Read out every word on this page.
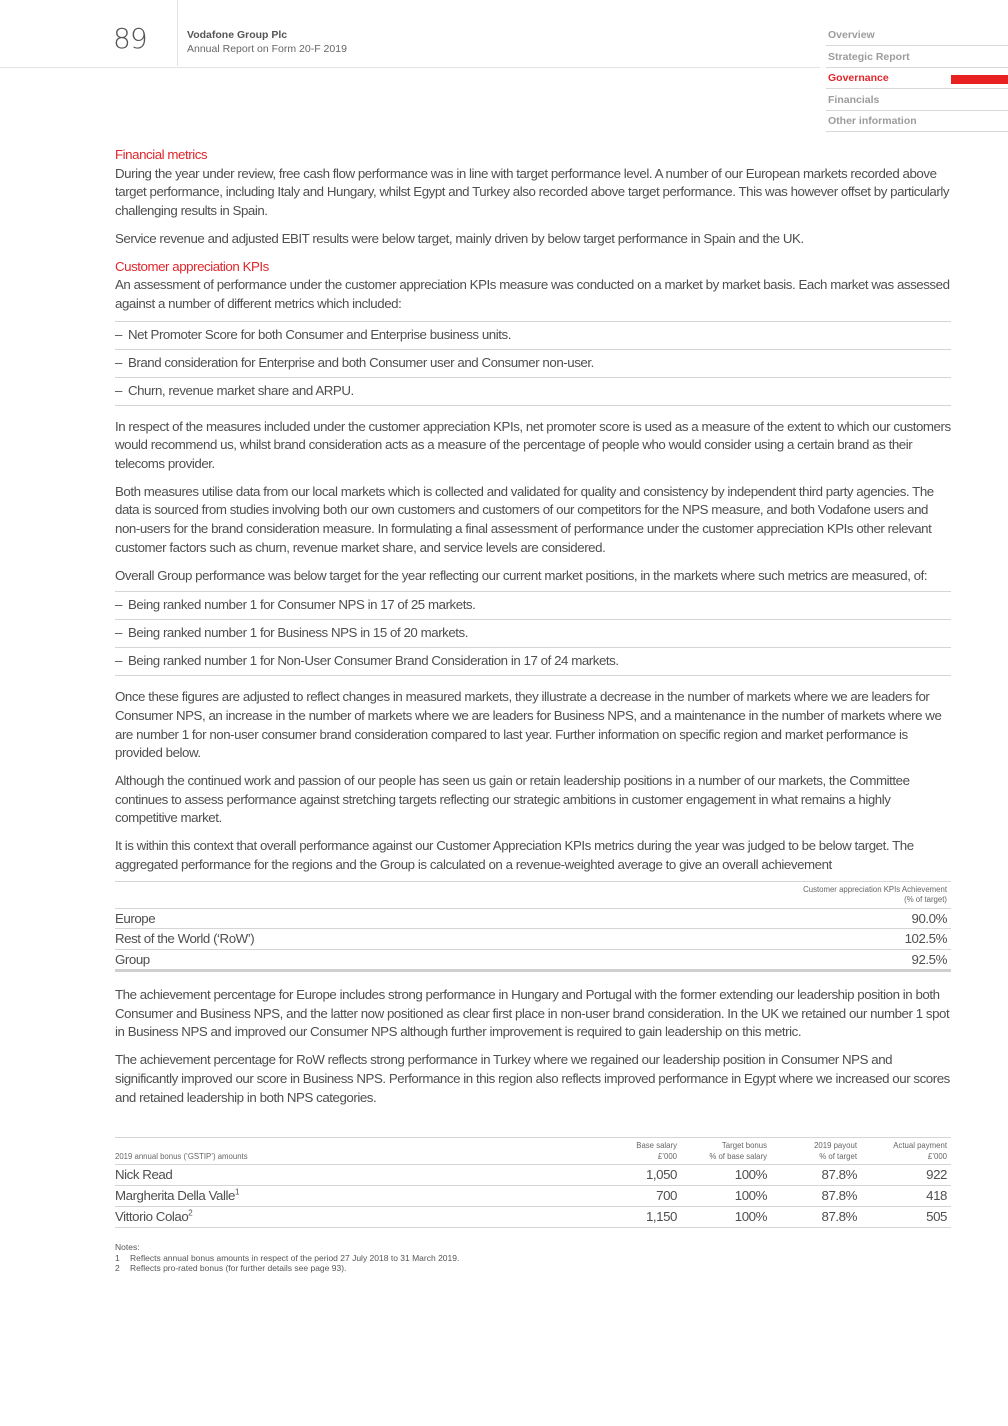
89	Vodafone Group Plc
Annual Report on Form 20-F 2019
Overview
Strategic Report
Governance
Financials
Other information
Financial metrics

During the year under review, free cash flow performance was in line with target performance level. A number of our European markets recorded above target performance, including Italy and Hungary, whilst Egypt and Turkey also recorded above target performance. This was however offset by particularly challenging results in Spain.

Service revenue and adjusted EBIT results were below target, mainly driven by below target performance in Spain and the UK.

Customer appreciation KPIs

An assessment of performance under the customer appreciation KPIs measure was conducted on a market by market basis. Each market was assessed against a number of different metrics which included:

– Net Promoter Score for both Consumer and Enterprise business units.
– Brand consideration for Enterprise and both Consumer user and Consumer non-user.
– Churn, revenue market share and ARPU.

In respect of the measures included under the customer appreciation KPIs, net promoter score is used as a measure of the extent to which our customers would recommend us, whilst brand consideration acts as a measure of the percentage of people who would consider using a certain brand as their telecoms provider.

Both measures utilise data from our local markets which is collected and validated for quality and consistency by independent third party agencies. The data is sourced from studies involving both our own customers and customers of our competitors for the NPS measure, and both Vodafone users and non-users for the brand consideration measure. In formulating a final assessment of performance under the customer appreciation KPIs other relevant customer factors such as churn, revenue market share, and service levels are considered.

Overall Group performance was below target for the year reflecting our current market positions, in the markets where such metrics are measured, of:

– Being ranked number 1 for Consumer NPS in 17 of 25 markets.
– Being ranked number 1 for Business NPS in 15 of 20 markets.
– Being ranked number 1 for Non-User Consumer Brand Consideration in 17 of 24 markets.

Once these figures are adjusted to reflect changes in measured markets, they illustrate a decrease in the number of markets where we are leaders for Consumer NPS, an increase in the number of markets where we are leaders for Business NPS, and a maintenance in the number of markets where we are number 1 for non-user consumer brand consideration compared to last year. Further information on specific region and market performance is provided below.

Although the continued work and passion of our people has seen us gain or retain leadership positions in a number of our markets, the Committee continues to assess performance against stretching targets reflecting our strategic ambitions in customer engagement in what remains a highly competitive market.

It is within this context that overall performance against our Customer Appreciation KPIs metrics during the year was judged to be below target. The aggregated performance for the regions and the Group is calculated on a revenue-weighted average to give an overall achievement

	Customer appreciation KPIs Achievement
(% of target)

Europe	90.0%
Rest of the World (‘RoW’)	102.5%
Group	92.5%

The achievement percentage for Europe includes strong performance in Hungary and Portugal with the former extending our leadership position in both Consumer and Business NPS, and the latter now positioned as clear first place in non-user brand consideration. In the UK we retained our number 1 spot in Business NPS and improved our Consumer NPS although further improvement is required to gain leadership on this metric.

The achievement percentage for RoW reflects strong performance in Turkey where we regained our leadership position in Consumer NPS and significantly improved our score in Business NPS. Performance in this region also reflects improved performance in Egypt where we increased our scores and retained leadership in both NPS categories.

2019 annual bonus (‘GSTIP’) amounts	
Base salary
£’000

Target bonus
% of base salary

2019 payout
% of target

Actual payment
£’000

Nick Read	1,050	100%	87.8%	922
Margherita Della Valle$^1$	700	100%	87.8%	418
Vittorio Colao$^2$	1,150	100%	87.8%	505
Notes:
1 Reflects annual bonus amounts in respect of the period 27 July 2018 to 31 March 2019.
2 Reflects pro-rated bonus (for further details see page 93).
